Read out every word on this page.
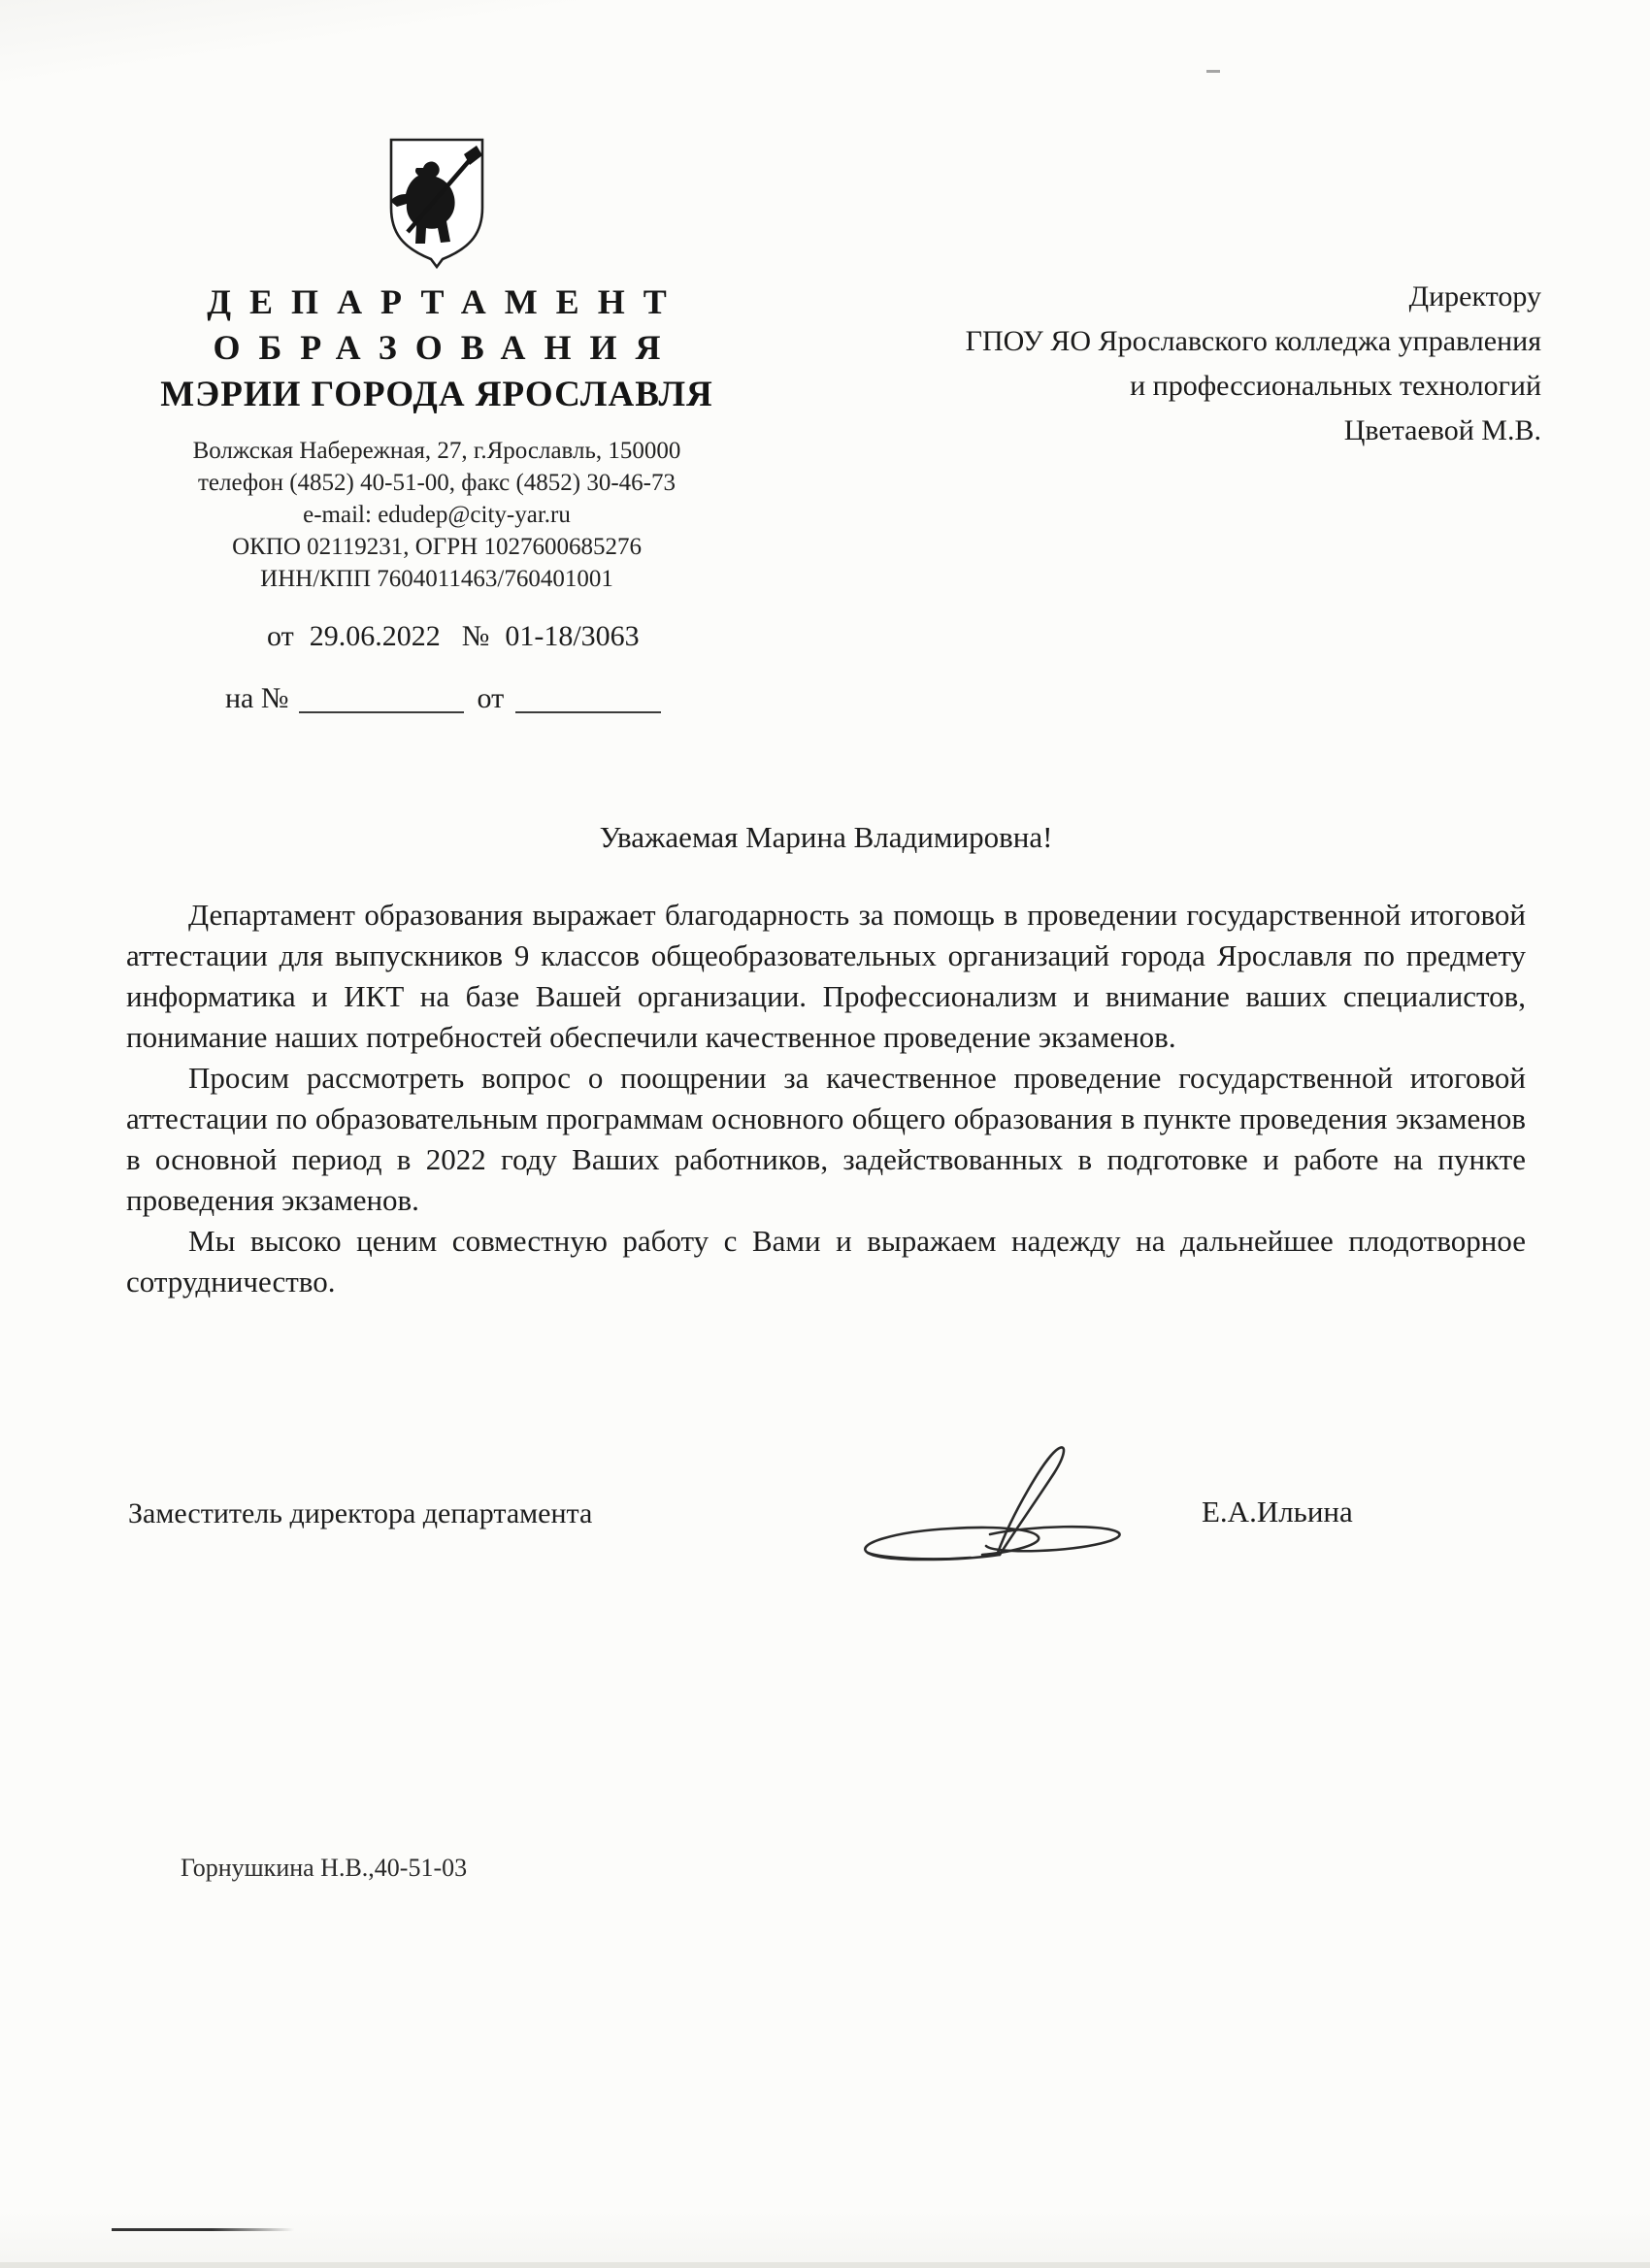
ДЕПАРТАМЕНТ
ОБРАЗОВАНИЯ
МЭРИИ ГОРОДА ЯРОСЛАВЛЯ
Волжская Набережная, 27, г.Ярославль, 150000
телефон (4852) 40-51-00, факс (4852) 30-46-73
e-mail: edudep@city-yar.ru
ОКПО 02119231, ОГРН 1027600685276
ИНН/КПП 7604011463/760401001
от 29.06.2022 № 01-18/3063
на №	от
Директору
ГПОУ ЯО Ярославского колледжа управления
и профессиональных технологий
Цветаевой М.В.
Уважаемая Марина Владимировна!

Департамент образования выражает благодарность за помощь в проведении государственной итоговой аттестации для выпускников 9 классов общеобразовательных организаций города Ярославля по предмету информатика и ИКТ на базе Вашей организации. Профессионализм и внимание ваших специалистов, понимание наших потребностей обеспечили качественное проведение экзаменов.

Просим рассмотреть вопрос о поощрении за качественное проведение государственной итоговой аттестации по образовательным программам основного общего образования в пункте проведения экзаменов в основной период в 2022 году Ваших работников, задействованных в подготовке и работе на пункте проведения экзаменов.

Мы высоко ценим совместную работу с Вами и выражаем надежду на дальнейшее плодотворное сотрудничество.

Заместитель директора департамента	Е.А.Ильина
Горнушкина Н.В.,40-51-03
